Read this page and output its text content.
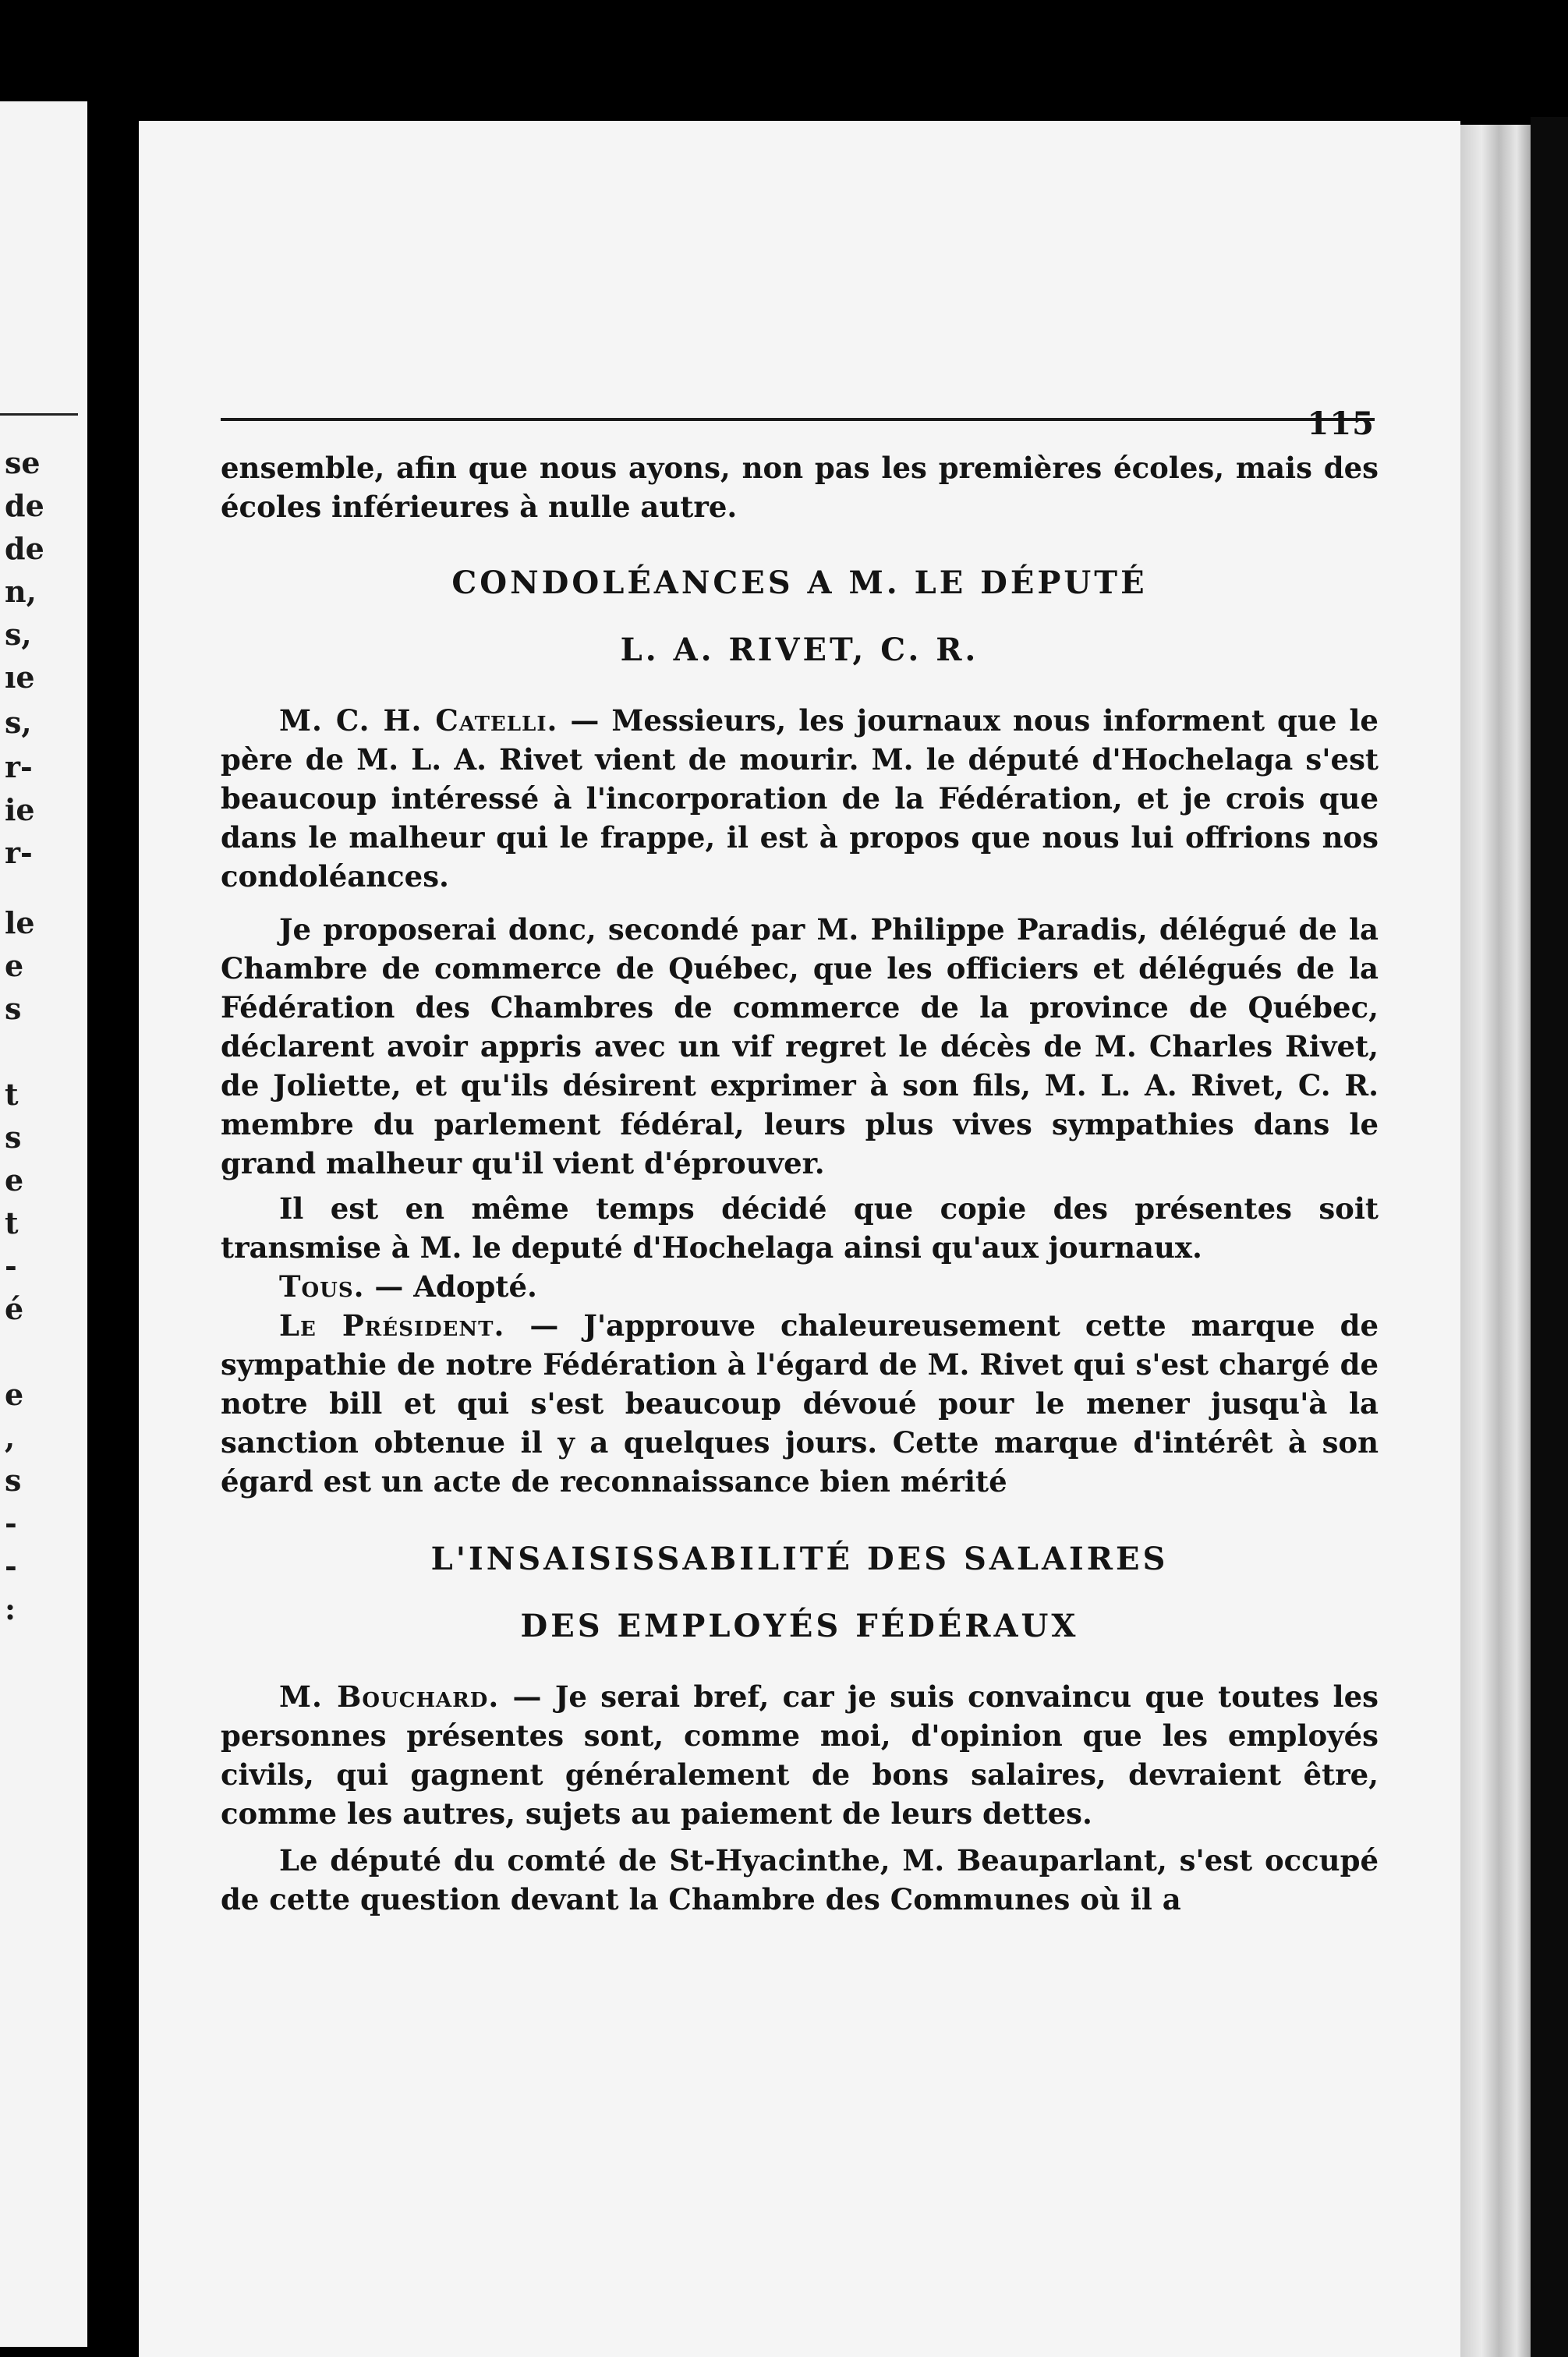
se
de
de
n,
s,
ıe
s,
r-
ie
r-
le
e
s
t
s
e
t
-
é
e
,
s
-
-
:
115

ensemble, afin que nous ayons, non pas les premières écoles, mais des écoles inférieures à nulle autre.

CONDOLÉANCES A M. LE DÉPUTÉ

L. A. RIVET, C. R.

M. C. H. Catelli. — Messieurs, les journaux nous informent que le père de M. L. A. Rivet vient de mourir. M. le député d'Hochelaga s'est beaucoup intéressé à l'incorporation de la Fédération, et je crois que dans le malheur qui le frappe, il est à propos que nous lui offrions nos condoléances.

Je proposerai donc, secondé par M. Philippe Paradis, délégué de la Chambre de commerce de Québec, que les officiers et délégués de la Fédération des Chambres de commerce de la province de Québec, déclarent avoir appris avec un vif regret le décès de M. Charles Rivet, de Joliette, et qu'ils désirent exprimer à son fils, M. L. A. Rivet, C. R. membre du parlement fédéral, leurs plus vives sympathies dans le grand malheur qu'il vient d'éprouver.

Il est en même temps décidé que copie des présentes soit transmise à M. le deputé d'Hochelaga ainsi qu'aux journaux.

Tous. — Adopté.

Le Président. — J'approuve chaleureusement cette marque de sympathie de notre Fédération à l'égard de M. Rivet qui s'est chargé de notre bill et qui s'est beaucoup dévoué pour le mener jusqu'à la sanction obtenue il y a quelques jours. Cette marque d'intérêt à son égard est un acte de reconnaissance bien mérité

L'INSAISISSABILITÉ DES SALAIRES

DES EMPLOYÉS FÉDÉRAUX

M. Bouchard. — Je serai bref, car je suis convaincu que toutes les personnes présentes sont, comme moi, d'opinion que les employés civils, qui gagnent généralement de bons salaires, devraient être, comme les autres, sujets au paiement de leurs dettes.

Le député du comté de St-Hyacinthe, M. Beauparlant, s'est occupé de cette question devant la Chambre des Communes où il a
